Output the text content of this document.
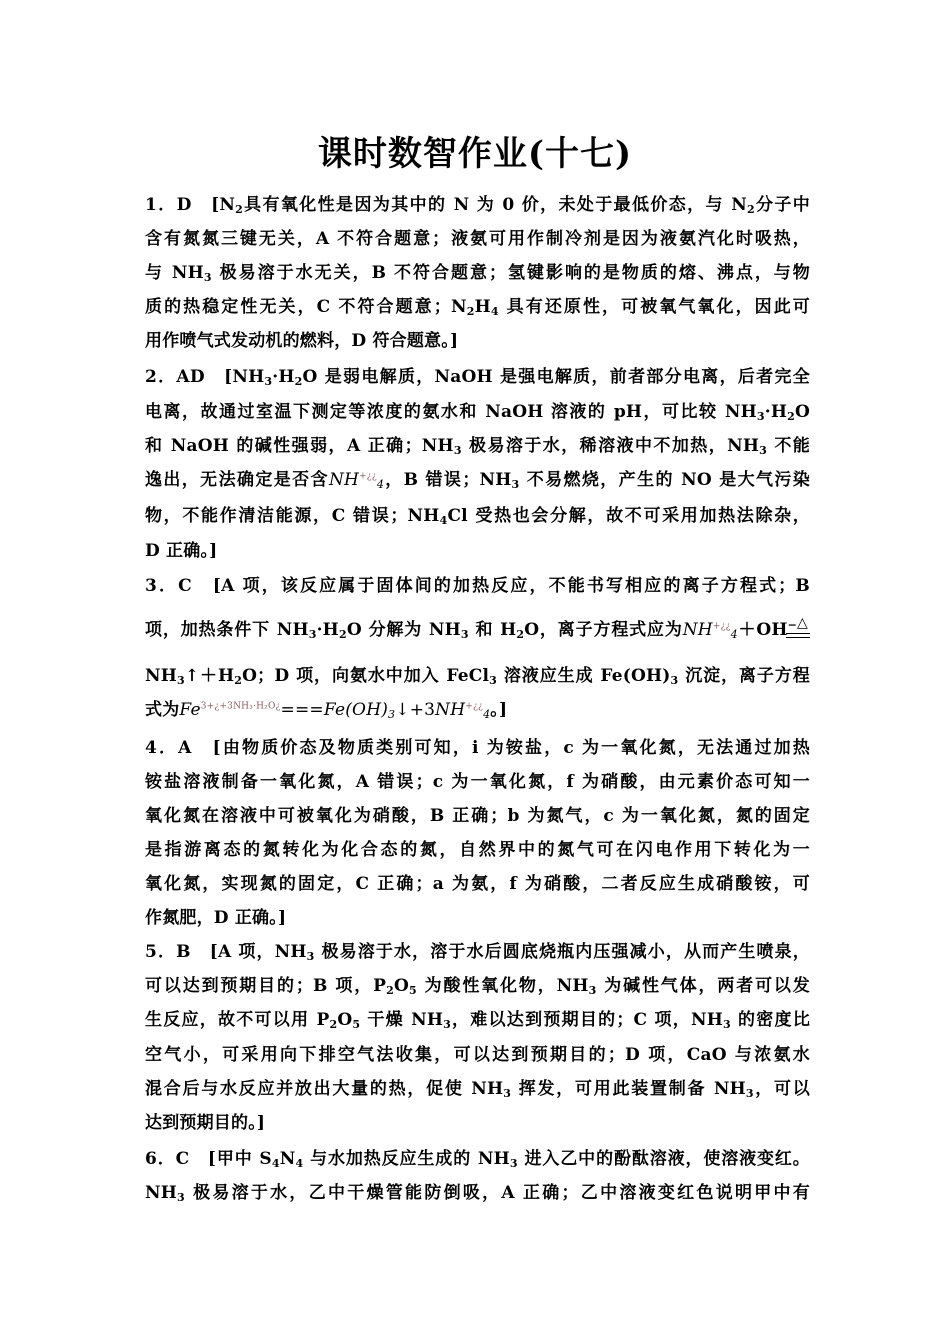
课时数智作业(十七)
1．D　[$N_2$具有氧化性是因为其中的 N 为 0 价，未处于最低价态，与 $N_2$分子中
含有氮氮三键无关，A 不符合题意；液氨可用作制冷剂是因为液氨汽化时吸热，
与 $NH_3$ 极易溶于水无关，B 不符合题意；氢键影响的是物质的熔、沸点，与物
质的热稳定性无关，C 不符合题意；$N_2H_4$ 具有还原性，可被氧气氧化，因此可
用作喷气式发动机的燃料，D 符合题意。]
2．AD　[$NH_3\cdot H_2O$ 是弱电解质，NaOH 是强电解质，前者部分电离，后者完全
电离，故通过室温下测定等浓度的氨水和 NaOH 溶液的 pH，可比较 $NH_3\cdot H_2O$
和 NaOH 的碱性强弱，A 正确；$NH_3$ 极易溶于水，稀溶液中不加热，$NH_3$ 不能
逸出，无法确定是否含$NH^{+¿¿}_4$，B 错误；$NH_3$ 不易燃烧，产生的 NO 是大气污染
物，不能作清洁能源，C 错误；$NH_4Cl$ 受热也会分解，故不可采用加热法除杂，
D 正确。]
3．C　[A 项，该反应属于固体间的加热反应，不能书写相应的离子方程式；B
项，加热条件下 $NH_3\cdot H_2O$ 分解为 $NH_3$ 和 $H_2O$，离子方程式应为$NH^{+¿¿}_4+OH^-\triangle$
$NH_3↑+H_2O$；D 项，向氨水中加入 FeCl$_3$ 溶液应生成 $Fe(OH)_3$ 沉淀，离子方程
式为$Fe^{3+¿+3NH_3\cdot H_2O¿}===Fe(OH)_3↓+3NH^{+¿¿}_4$。]
4．A　[由物质价态及物质类别可知，i 为铵盐，c 为一氧化氮，无法通过加热
铵盐溶液制备一氧化氮，A 错误；c 为一氧化氮，f 为硝酸，由元素价态可知一
氧化氮在溶液中可被氧化为硝酸，B 正确；b 为氮气，c 为一氧化氮，氮的固定
是指游离态的氮转化为化合态的氮，自然界中的氮气可在闪电作用下转化为一
氧化氮，实现氮的固定，C 正确；a 为氨，f 为硝酸，二者反应生成硝酸铵，可
作氮肥，D 正确。]
5．B　[A 项，$NH_3$ 极易溶于水，溶于水后圆底烧瓶内压强减小，从而产生喷泉，
可以达到预期目的；B 项，$P_2O_5$ 为酸性氧化物，$NH_3$ 为碱性气体，两者可以发
生反应，故不可以用 $P_2O_5$ 干燥 $NH_3$，难以达到预期目的；C 项，$NH_3$ 的密度比
空气小，可采用向下排空气法收集，可以达到预期目的；D 项，CaO 与浓氨水
混合后与水反应并放出大量的热，促使 $NH_3$ 挥发，可用此装置制备 $NH_3$，可以
达到预期目的。]
6．C　[甲中 $S_4N_4$ 与水加热反应生成的 $NH_3$ 进入乙中的酚酞溶液，使溶液变红。
$NH_3$ 极易溶于水，乙中干燥管能防倒吸，A 正确；乙中溶液变红色说明甲中有
